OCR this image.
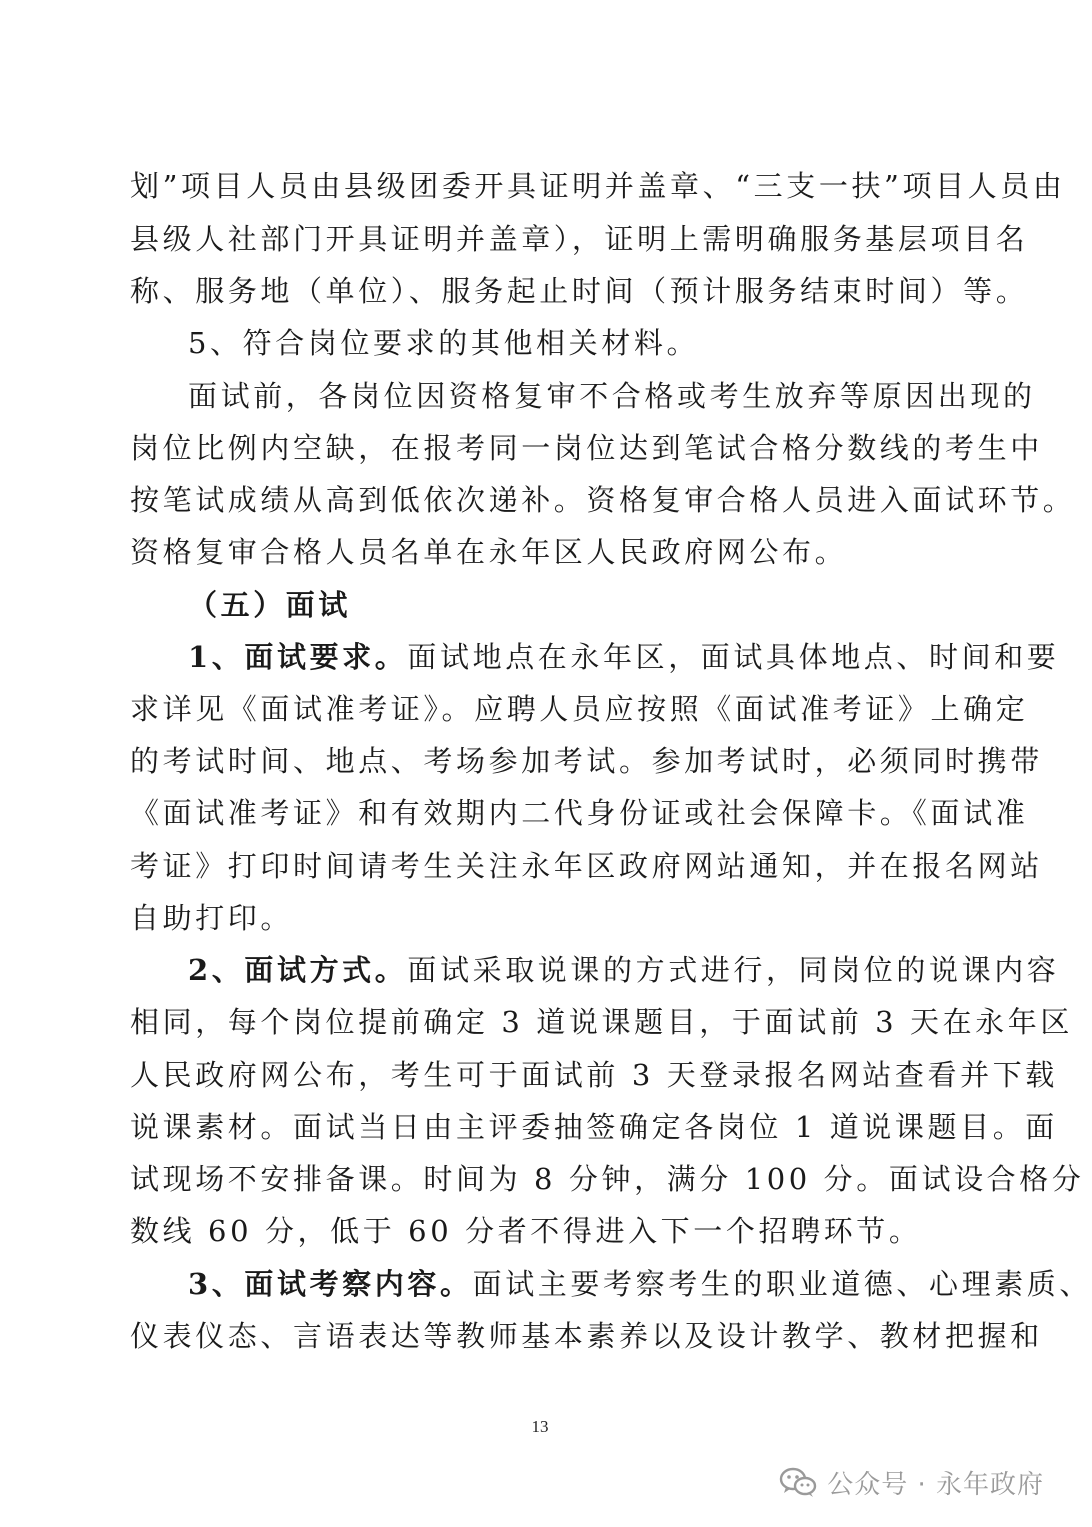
划”项目人员由县级团委开具证明并盖章、“三支一扶”项目人员由
县级人社部门开具证明并盖章），证明上需明确服务基层项目名
称、服务地（单位）、服务起止时间（预计服务结束时间）等。
5、符合岗位要求的其他相关材料。
面试前，各岗位因资格复审不合格或考生放弃等原因出现的
岗位比例内空缺，在报考同一岗位达到笔试合格分数线的考生中
按笔试成绩从高到低依次递补。资格复审合格人员进入面试环节。
资格复审合格人员名单在永年区人民政府网公布。
（五）面试
1、面试要求。面试地点在永年区，面试具体地点、时间和要
求详见《面试准考证》。应聘人员应按照《面试准考证》上确定
的考试时间、地点、考场参加考试。参加考试时，必须同时携带
《面试准考证》和有效期内二代身份证或社会保障卡。《面试准
考证》打印时间请考生关注永年区政府网站通知，并在报名网站
自助打印。
2、面试方式。面试采取说课的方式进行，同岗位的说课内容
相同，每个岗位提前确定 3 道说课题目，于面试前 3 天在永年区
人民政府网公布，考生可于面试前 3 天登录报名网站查看并下载
说课素材。面试当日由主评委抽签确定各岗位 1 道说课题目。面
试现场不安排备课。时间为 8 分钟，满分 100 分。面试设合格分
数线 60 分，低于 60 分者不得进入下一个招聘环节。
3、面试考察内容。面试主要考察考生的职业道德、心理素质、
仪表仪态、言语表达等教师基本素养以及设计教学、教材把握和
13
公众号 · 永年政府
